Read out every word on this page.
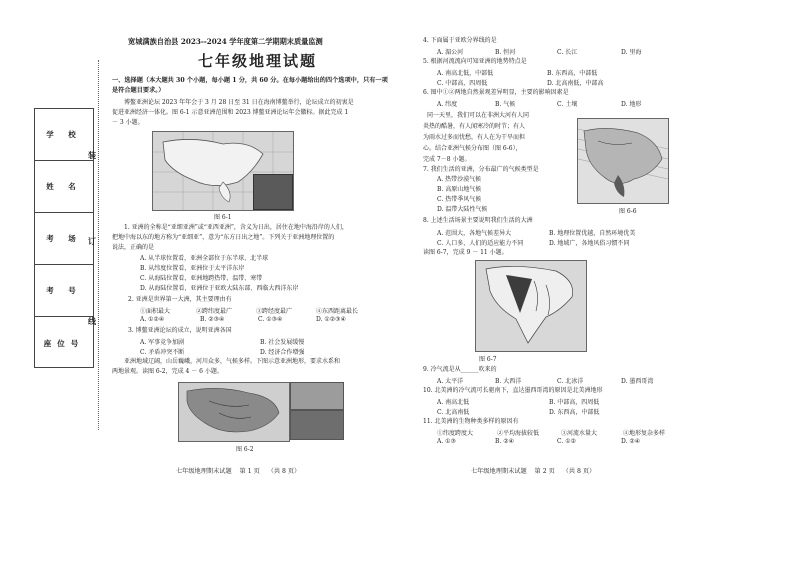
学 校
姓 名
考 场
考 号
座位号
装
订
线
宽城满族自治县 2023--2024 学年度第二学期期末质量监测
七年级地理试题
一、选择题（本大题共 30 个小题，每小题 1 分，共 60 分。在每小题给出的四个选项中，只有一项是符合题目要求。）
博鳌亚洲论坛 2023 年年会于 3 月 28 日至 31 日在海南博鳌举行，论坛成立的初衷是
促进亚洲经济一体化。图 6-1 示意亚洲范围和 2023 博鳌亚洲论坛年会徽标。据此完成 1
－ 3 小题。
图 6-1
1. 亚洲的全称是“亚细亚洲”或“亚西亚洲”，含义为日出，居住在地中海沿岸的人们，
把地中海以东的地方称为“亚细亚”，意为“东方日出之地”。下列关于亚洲地理位置的
说法，正确的是
A. 从半球位置看，亚洲全部位于东半球、北半球
B. 从纬度位置看，亚洲位于太平洋东岸
C. 从海陆位置看，亚洲地跨热带、温带、寒带
D. 从海陆位置看，亚洲位于亚欧大陆东部、西临大西洋东岸
2. 亚洲是世界第一大洲，其主要理由有
①面积最大	②跨纬度最广	③跨经度最广	④东西距离最长
A. ①②④	B. ②③④	C. ①③④	D. ①②③④
3. 博鳌亚洲论坛的成立，说明亚洲各国
A. 军事竞争加剧	B. 社会发展缓慢
C. 矛盾冲突不断	D. 经济合作增强
亚洲地域辽阔，山岳巍峨，河川众多，气候多样。下图示意亚洲地形，要求水系和
两地景观。读图 6-2，完成 4 － 6 小题。
图 6-2
七年级地理期末试题    第 1 页    （共 8 页）
4. 下面属于亚欧分界线的是
A. 湄公河	B. 恒河	C. 长江	D. 里海
5. 根据河流流向可知亚洲的地势特点是
A. 南高北低，中部低	B. 东西高，中部低
C. 中部高，四周低	D. 北高南低，中部高
6. 图中①②两地自然景观差异明显，主要的影响因素是
A. 纬度	B. 气候	C. 土壤	D. 地形
同一天里，我们可以在非洲大河有人同
炎热的酷暑，有人闻寒冷的时节；有人
为雨水过多而忧愁，有人在为干旱而担
心。结合亚洲气候分布图（图 6-6），
完成 7－8 小题。
7. 我们生活的亚洲，分布最广的气候类型是
A. 热带沙漠气候
B. 高原山地气候
C. 热带季风气候
D. 温带大陆性气候	图 6-6
8. 上述生活场景主要说明我们生活的大洲
A. 范围大，各地气候差异大	B. 地理位置优越，自然环境优美
C. 人口多，人们的适应能力不同	D. 地域广，各地风俗习惯不同
读图 6-7，完成 9 － 11 小题。
图 6-7
9. 冷气流是从______吹来的
A. 太平洋	B. 大西洋	C. 北冰洋	D. 墨西哥湾
10. 北美洲的冷气流可长驱南下，直达墨西哥湾的原因是北美洲地形
A. 南高北低	B. 中部高，四周低
C. 北高南低	D. 东西高，中部低
11. 北美洲的生物种类多样的原因有
①纬度跨度大	②平均海拔较低	③河流水量大	④地形复杂多样
A. ①③	B. ②④	C. ①②	D. ②④
七年级地理期末试题    第 2 页    （共 8 页）
